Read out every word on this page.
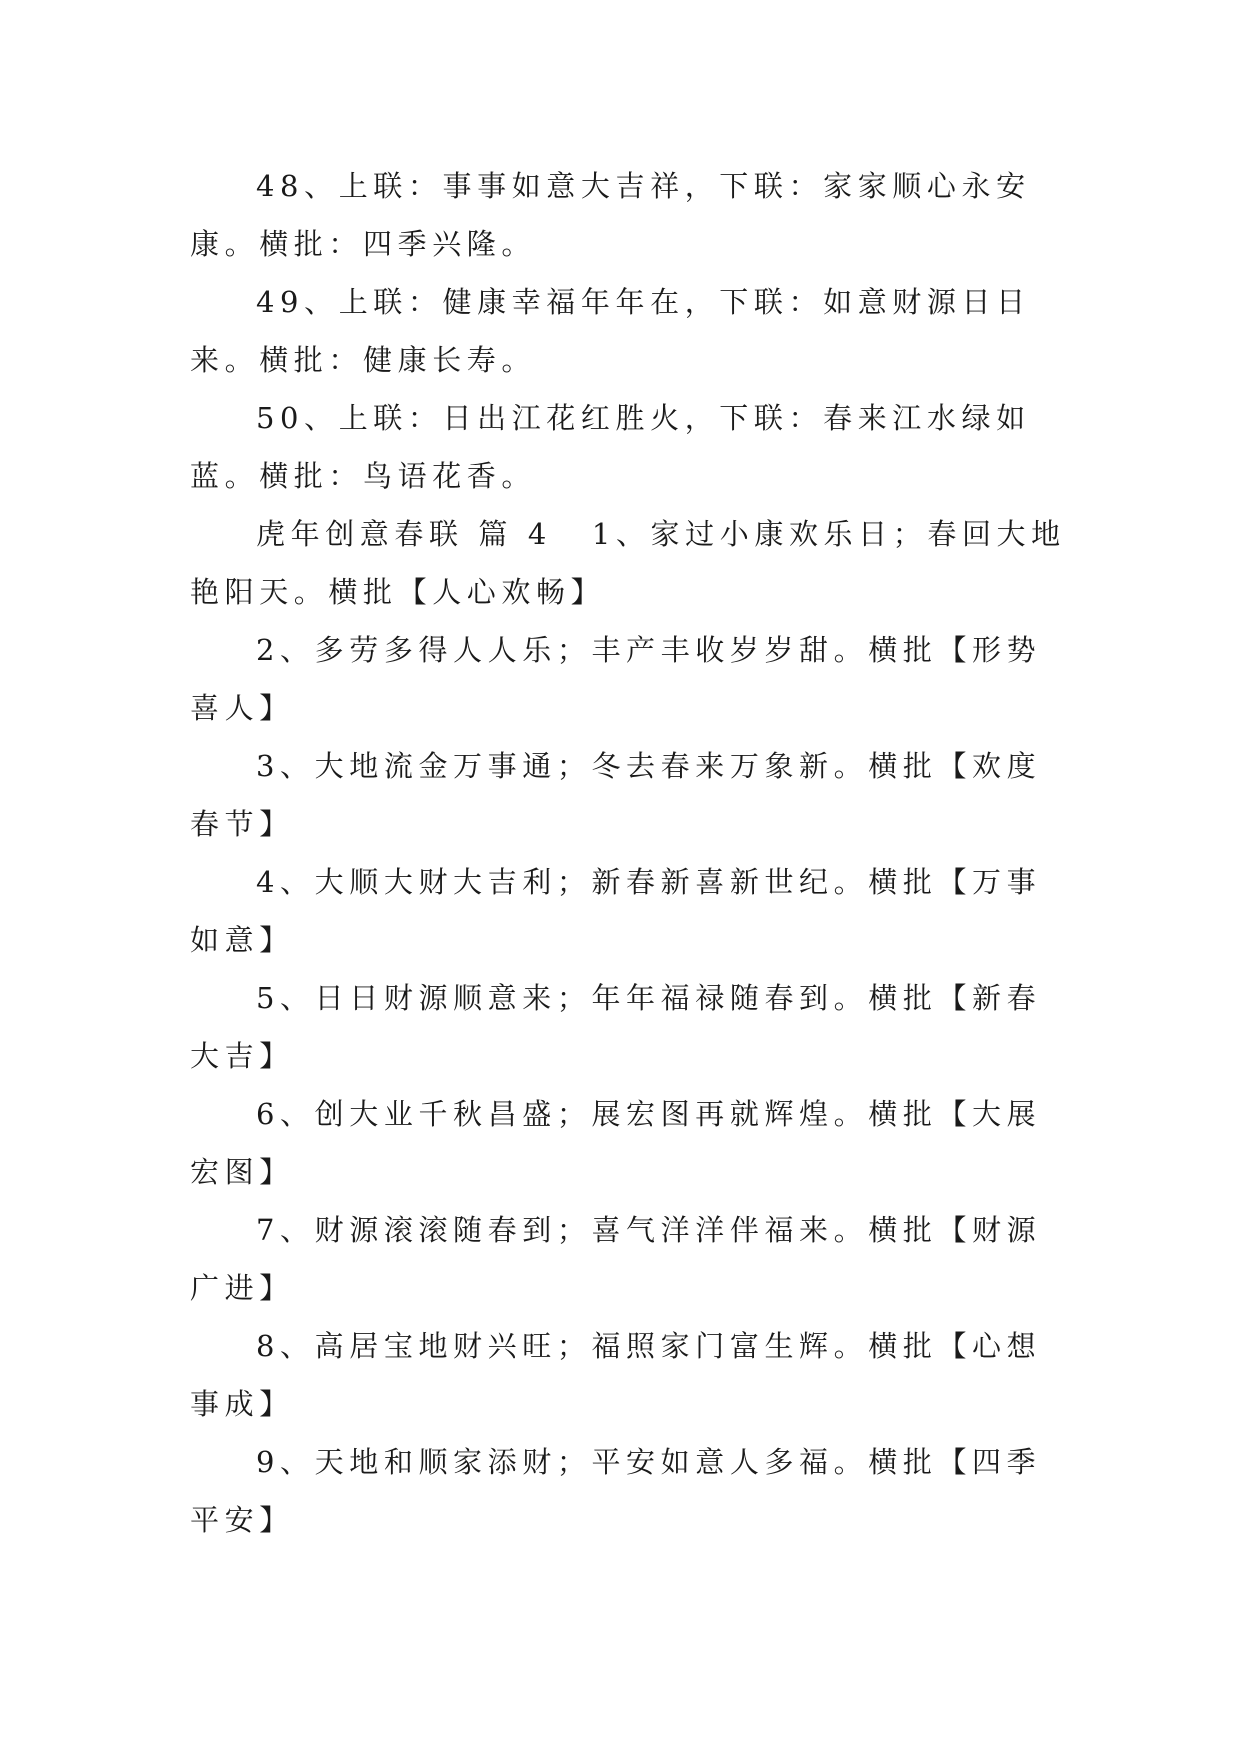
48、上联：事事如意大吉祥，下联：家家顺心永安康。横批：四季兴隆。

49、上联：健康幸福年年在，下联：如意财源日日来。横批：健康长寿。

50、上联：日出江花红胜火，下联：春来江水绿如蓝。横批：鸟语花香。

虎年创意春联 篇 4 1、家过小康欢乐日；春回大地艳阳天。横批【人心欢畅】

2、多劳多得人人乐；丰产丰收岁岁甜。横批【形势喜人】

3、大地流金万事通；冬去春来万象新。横批【欢度春节】

4、大顺大财大吉利；新春新喜新世纪。横批【万事如意】

5、日日财源顺意来；年年福禄随春到。横批【新春大吉】

6、创大业千秋昌盛；展宏图再就辉煌。横批【大展宏图】

7、财源滚滚随春到；喜气洋洋伴福来。横批【财源广进】

8、高居宝地财兴旺；福照家门富生辉。横批【心想事成】

9、天地和顺家添财；平安如意人多福。横批【四季平安】
